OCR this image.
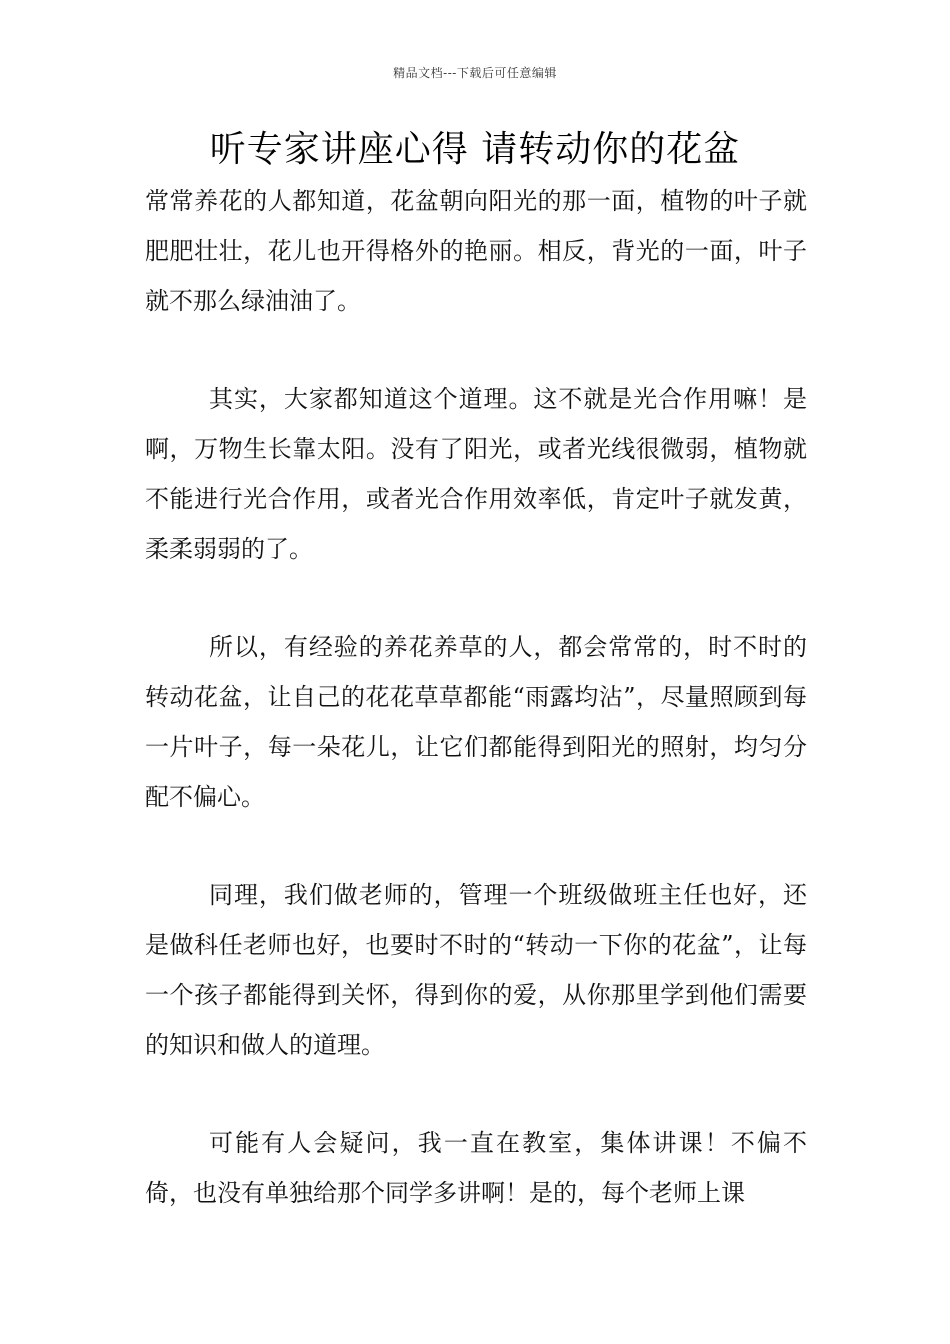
精品文档---下载后可任意编辑
听专家讲座心得 请转动你的花盆

常常养花的人都知道，花盆朝向阳光的那一面，植物的叶子就肥肥壮壮，花儿也开得格外的艳丽。相反，背光的一面，叶子就不那么绿油油了。

其实，大家都知道这个道理。这不就是光合作用嘛！是啊，万物生长靠太阳。没有了阳光，或者光线很微弱，植物就不能进行光合作用，或者光合作用效率低，肯定叶子就发黄，柔柔弱弱的了。

所以，有经验的养花养草的人，都会常常的，时不时的转动花盆，让自己的花花草草都能“雨露均沾”，尽量照顾到每一片叶子，每一朵花儿，让它们都能得到阳光的照射，均匀分配不偏心。

同理，我们做老师的，管理一个班级做班主任也好，还是做科任老师也好，也要时不时的“转动一下你的花盆”，让每一个孩子都能得到关怀，得到你的爱，从你那里学到他们需要的知识和做人的道理。

可能有人会疑问，我一直在教室，集体讲课！不偏不倚，也没有单独给那个同学多讲啊！是的，每个老师上课
